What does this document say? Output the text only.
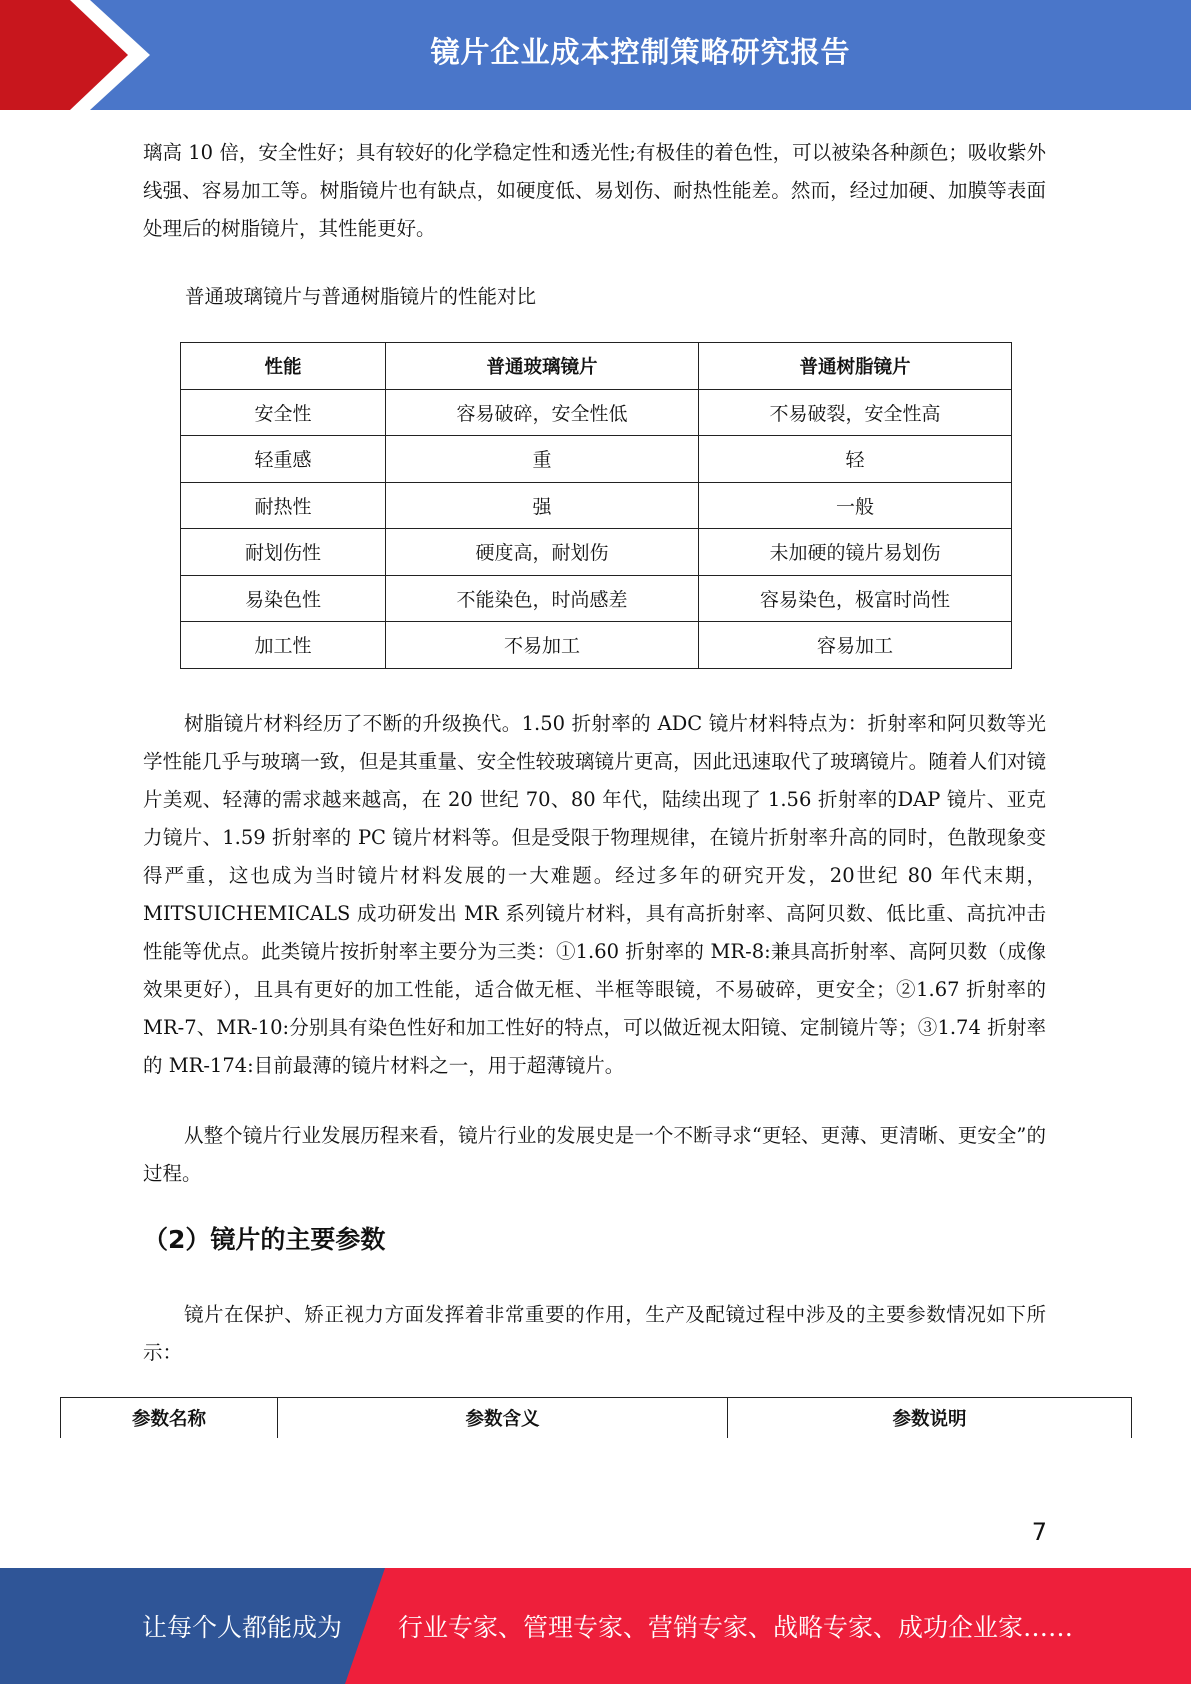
镜片企业成本控制策略研究报告

璃高 10 倍，安全性好；具有较好的化学稳定性和透光性;有极佳的着色性，可以被染各种颜色；吸收紫外线强、容易加工等。树脂镜片也有缺点，如硬度低、易划伤、耐热性能差。然而，经过加硬、加膜等表面处理后的树脂镜片，其性能更好。

普通玻璃镜片与普通树脂镜片的性能对比

性能	普通玻璃镜片	普通树脂镜片
安全性	容易破碎，安全性低	不易破裂，安全性高
轻重感	重	轻
耐热性	强	一般
耐划伤性	硬度高，耐划伤	未加硬的镜片易划伤
易染色性	不能染色，时尚感差	容易染色，极富时尚性
加工性	不易加工	容易加工

树脂镜片材料经历了不断的升级换代。1.50 折射率的 ADC 镜片材料特点为：折射率和阿贝数等光学性能几乎与玻璃一致，但是其重量、安全性较玻璃镜片更高，因此迅速取代了玻璃镜片。随着人们对镜片美观、轻薄的需求越来越高，在 20 世纪 70、80 年代，陆续出现了 1.56 折射率的DAP 镜片、亚克力镜片、1.59 折射率的 PC 镜片材料等。但是受限于物理规律，在镜片折射率升高的同时，色散现象变得严重，这也成为当时镜片材料发展的一大难题。经过多年的研究开发，20世纪 80 年代末期，MITSUICHEMICALS 成功研发出 MR 系列镜片材料，具有高折射率、高阿贝数、低比重、高抗冲击性能等优点。此类镜片按折射率主要分为三类：①1.60 折射率的 MR-8:兼具高折射率、高阿贝数（成像效果更好），且具有更好的加工性能，适合做无框、半框等眼镜，不易破碎，更安全；②1.67 折射率的 MR-7、MR-10:分别具有染色性好和加工性好的特点，可以做近视太阳镜、定制镜片等；③1.74 折射率的 MR-174:目前最薄的镜片材料之一，用于超薄镜片。

从整个镜片行业发展历程来看，镜片行业的发展史是一个不断寻求“更轻、更薄、更清晰、更安全”的过程。

（2）镜片的主要参数

镜片在保护、矫正视力方面发挥着非常重要的作用，生产及配镜过程中涉及的主要参数情况如下所示：

参数名称	参数含义	参数说明
7
让每个人都能成为 行业专家、管理专家、营销专家、战略专家、成功企业家……
